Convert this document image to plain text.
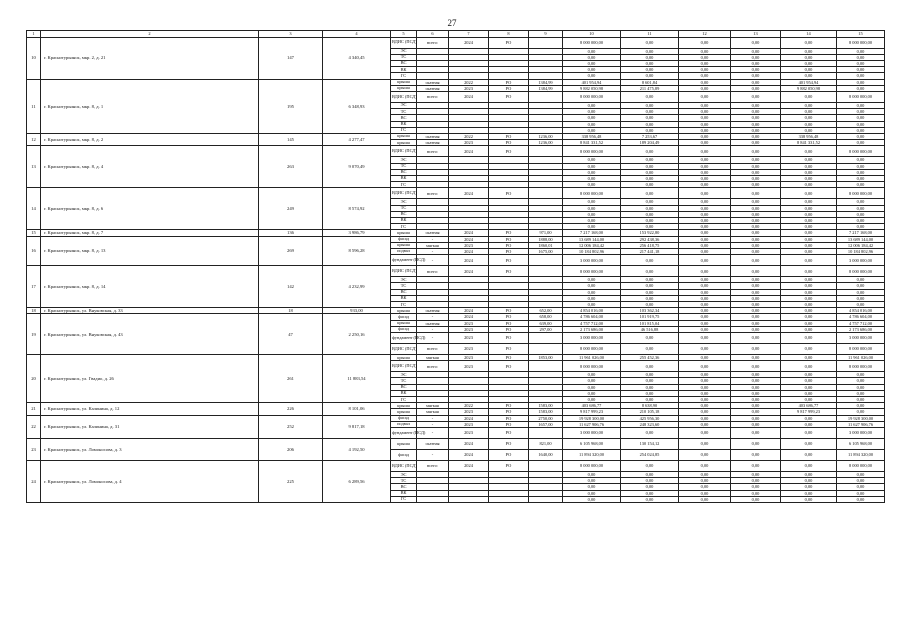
27
1	2	3	4	5	6	7	8	9	10	11	12	13	14	15
10	г. Краснотурьинск, мкр. 2, д. 21	147	4 340,45	ВДИС (ПСД)	всего:	2024	РО		8 000 000,00	0,00	0,00	0,00	0,00	8 000 000,00
				ЭС					0,00	0,00	0,00	0,00	0,00	0,00
				ТС					0,00	0,00	0,00	0,00	0,00	0,00
				ВС					0,00	0,00	0,00	0,00	0,00	0,00
				ВК					0,00	0,00	0,00	0,00	0,00	0,00
				ГС					0,00	0,00	0,00	0,00	0,00	0,00
11	г. Краснотурьинск, мкр. 8, д. 1	195	6 348,93	крыша	скатная	2022	РО	1384,99	401 954,94	8 601,84	0,00	0,00	401 954,94	0,00
				крыша	скатная	2023	РО	1384,99	9 882 050,98	211 475,89	0,00	0,00	9 882 050,98	0,00
				ВДИС (ПСД)	всего:	2024	РО		8 000 000,00	0,00	0,00	0,00	0,00	8 000 000,00
				ЭС					0,00	0,00	0,00	0,00	0,00	0,00
				ТС					0,00	0,00	0,00	0,00	0,00	0,00
				ВС					0,00	0,00	0,00	0,00	0,00	0,00
				ВК					0,00	0,00	0,00	0,00	0,00	0,00
				ГС					0,00	0,00	0,00	0,00	0,00	0,00
12	г. Краснотурьинск, мкр. 8, д. 2	145	4 277,47	крыша	скатная	2022	РО	1236,00	338 956,48	7 253,67	0,00	0,00	338 956,48	0,00
				крыша	скатная	2023	РО	1236,00	8 841 331,52	189 204,49	0,00	0,00	8 841 331,52	0,00
13	г. Краснотурьинск, мкр. 8, д. 4	263	9 070,49	ВДИС (ПСД)	всего:	2024	РО		8 000 000,00	0,00	0,00	0,00	0,00	8 000 000,00
				ЭС					0,00	0,00	0,00	0,00	0,00	0,00
				ТС					0,00	0,00	0,00	0,00	0,00	0,00
				ВС					0,00	0,00	0,00	0,00	0,00	0,00
				ВК					0,00	0,00	0,00	0,00	0,00	0,00
				ГС					0,00	0,00	0,00	0,00	0,00	0,00
14	г. Краснотурьинск, мкр. 8, д. 6	249	8 574,92	ВДИС (ПСД)	всего:	2024	РО		8 000 000,00	0,00	0,00	0,00	0,00	8 000 000,00
				ЭС					0,00	0,00	0,00	0,00	0,00	0,00
				ТС					0,00	0,00	0,00	0,00	0,00	0,00
				ВС					0,00	0,00	0,00	0,00	0,00	0,00
				ВК					0,00	0,00	0,00	0,00	0,00	0,00
				ГС					0,00	0,00	0,00	0,00	0,00	0,00
15	г. Краснотурьинск, мкр. 8, д. 7	136	3 986,79	крыша	скатная	2024	РО	971,00	7 217 168,00	153 922,80	0,00	0,00	0,00	7 217 168,00
16	г. Краснотурьинск, мкр. 8, д. 13	269	8 596,28	фасад	-	2024	РО	1888,00	13 689 144,00	292 438,36	0,00	0,00	0,00	13 689 144,00
				крыша	мягкая	2023	РО	1860,01	12 006 184,42	256 418,75	0,00	0,00	0,00	12 006 184,42
				подвал	-	2024	РО	1675,00	10 184 802,96	217 441,18	0,00	0,00	0,00	10 184 802,96
				фундамент (ПСД)	-	2024	РО		3 000 000,00	0,00	0,00	0,00	0,00	3 000 000,00
17	г. Краснотурьинск, мкр. 8, д. 14	142	4 232,99	ВДИС (ПСД)	всего:	2024	РО		8 000 000,00	0,00	0,00	0,00	0,00	8 000 000,00
				ЭС					0,00	0,00	0,00	0,00	0,00	0,00
				ТС					0,00	0,00	0,00	0,00	0,00	0,00
				ВС					0,00	0,00	0,00	0,00	0,00	0,00
				ВК					0,00	0,00	0,00	0,00	0,00	0,00
				ГС					0,00	0,00	0,00	0,00	0,00	0,00
18	г. Краснотурьинск, ул. Внуковская, д. 33	18	933,00	крыша	скатная	2024	РО	652,00	4 854 016,00	103 362,34	0,00	0,00	0,00	4 854 016,00
19	г. Краснотурьинск, ул. Внуковская, д. 43	47	2 250,16	фасад	-	2024	РО	658,00	4 786 604,00	101 919,75	0,00	0,00	0,00	4 786 604,00
				крыша	скатная	2023	РО	639,00	4 757 712,00	101 815,04	0,00	0,00	0,00	4 757 712,00
				фасад	-	2023	РО	297,00	2 173 686,00	46 516,88	0,00	0,00	0,00	2 173 686,00
				фундамент (ПСД)	-	2023	РО		3 000 000,00	0,00	0,00	0,00	0,00	3 000 000,00
				ВДИС (ПСД)	всего:	2023	РО		8 000 000,00	0,00	0,00	0,00	0,00	8 000 000,00
20	г. Краснотурьинск, ул. Гвадио, д. 26	261	11 883,54	крыша	мягкая	2023	РО	1853,00	11 961 026,00	255 452,36	0,00	0,00	0,00	11 961 026,00
				ВДИС (ПСД)	всего:	2023	РО		8 000 000,00	0,00	0,00	0,00	0,00	8 000 000,00
				ЭС					0,00	0,00	0,00	0,00	0,00	0,00
				ТС					0,00	0,00	0,00	0,00	0,00	0,00
				ВС					0,00	0,00	0,00	0,00	0,00	0,00
				ВК					0,00	0,00	0,00	0,00	0,00	0,00
				ГС					0,00	0,00	0,00	0,00	0,00	0,00
21	г. Краснотурьинск, ул. Калинина, д. 12	226	8 101,06	крыша	мягкая	2022	РО	1583,00	403 686,77	8 638,90	0,00	0,00	403 686,77	0,00
				крыша	мягкая	2023	РО	1583,00	9 817 999,23	210 105,18	0,00	0,00	9 817 999,23	0,00
22	г. Краснотурьинск, ул. Калинина, д. 31	252	9 817,18	фасад	-	2024	РО	2750,00	19 928 300,00	425 956,30	0,00	0,00	0,00	19 928 300,00
				подвал	-	2023	РО	1657,00	11 627 906,76	248 323,60	0,00	0,00	0,00	11 627 906,76
				фундамент (ПСД)	-	2023	РО		3 000 000,00	0,00	0,00	0,00	0,00	3 000 000,00
23	г. Краснотурьинск, ул. Ломоносова, д. 3	206	4 192,50	крыша	скатная	2024	РО	821,00	6 105 968,00	130 154,12	0,00	0,00	0,00	6 105 968,00
				фасад	-	2024	РО	1640,00	11 894 320,00	254 024,85	0,00	0,00	0,00	11 894 320,00
24	г. Краснотурьинск, ул. Ломоносова, д. 4	225	6 289,56	ВДИС (ПСД)	всего:	2024	РО		8 000 000,00	0,00	0,00	0,00	0,00	8 000 000,00
				ЭС					0,00	0,00	0,00	0,00	0,00	0,00
				ТС					0,00	0,00	0,00	0,00	0,00	0,00
				ВС					0,00	0,00	0,00	0,00	0,00	0,00
				ВК					0,00	0,00	0,00	0,00	0,00	0,00
				ГС					0,00	0,00	0,00	0,00	0,00	0,00
